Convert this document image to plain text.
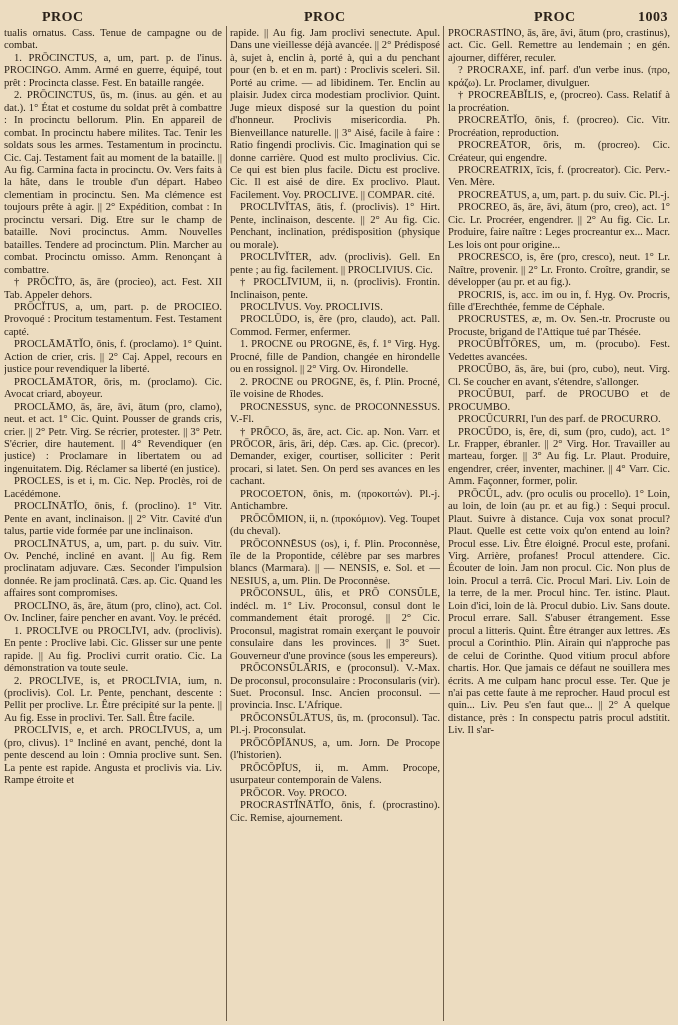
PROC	PROC	PROC	1003

tualis ornatus. Cass. Tenue de campagne ou de combat.

1. PRŌCINCTUS, a, um, part. p. de l'inus. PROCINGO. Amm. Armé en guerre, équipé, tout prêt : Procincta classe. Fest. En bataille rangée.

2. PRŌCINCTUS, ūs, m. (inus. au gén. et au dat.). 1° État et costume du soldat prêt à combattre : In procinctu bellorum. Plin. En appareil de combat. In procinctu habere milites. Tac. Tenir les soldats sous les armes. Testamentum in procinctu. Cic. Caj. Testament fait au moment de la bataille. || Au fig. Carmina facta in procinctu. Ov. Vers faits à la hâte, dans le trouble d'un départ. Habeo clementiam in procinctu. Sen. Ma clémence est toujours prête à agir. || 2° Expédition, combat : In procinctu versari. Dig. Etre sur le champ de bataille. Novi procinctus. Amm. Nouvelles batailles. Tendere ad procinctum. Plin. Marcher au combat. Procinctu omisso. Amm. Renonçant à combattre.

† PRŌCĬTO, ās, āre (procieo), act. Fest. XII Tab. Appeler dehors.

PRŌCĬTUS, a, um, part. p. de PROCIEO. Provoqué : Procitum testamentum. Fest. Testament capté.

PROCLĀMĀTĬO, ōnis, f. (proclamo). 1° Quint. Action de crier, cris. || 2° Caj. Appel, recours en justice pour revendiquer la liberté.

PROCLĀMĀTOR, ōris, m. (proclamo). Cic. Avocat criard, aboyeur.

PROCLĀMO, ās, āre, āvi, ātum (pro, clamo), neut. et act. 1° Cic. Quint. Pousser de grands cris, crier. || 2° Petr. Virg. Se récrier, protester. || 3° Petr. S'écrier, dire hautement. || 4° Revendiquer (en justice) : Proclamare in libertatem ou ad ingenuitatem. Dig. Réclamer sa liberté (en justice).

PROCLES, is et i, m. Cic. Nep. Proclès, roi de Lacédémone.

PROCLĪNĀTĬO, ōnis, f. (proclino). 1° Vitr. Pente en avant, inclinaison. || 2° Vitr. Cavité d'un talus, partie vide formée par une inclinaison.

PROCLĪNĀTUS, a, um, part. p. du suiv. Vitr. Ov. Penché, incliné en avant. || Au fig. Rem proclinatam adjuvare. Cæs. Seconder l'impulsion donnée. Re jam proclinatâ. Cæs. ap. Cic. Quand les affaires sont compromises.

PROCLĪNO, ās, āre, ātum (pro, clino), act. Col. Ov. Incliner, faire pencher en avant. Voy. le précéd.

1. PROCLĪVE ou PROCLĪVI, adv. (proclivis). En pente : Proclive labi. Cic. Glisser sur une pente rapide. || Au fig. Proclivi currit oratio. Cic. La démonstration va toute seule.

2. PROCLĪVE, is, et PROCLĪVIA, ium, n. (proclivis). Col. Lr. Pente, penchant, descente : Pellit per proclive. Lr. Être précipité sur la pente. || Au fig. Esse in proclivi. Ter. Sall. Être facile.

PROCLĪVIS, e, et arch. PROCLĪVUS, a, um (pro, clivus). 1° Incliné en avant, penché, dont la pente descend au loin : Omnia proclive sunt. Sen. La pente est rapide. Angusta et proclivis via. Liv. Rampe étroite et

rapide. || Au fig. Jam proclivi senectute. Apul. Dans une vieillesse déjà avancée. || 2° Prédisposé à, sujet à, enclin à, porté à, qui a du penchant pour (en b. et en m. part) : Proclivis sceleri. Sil. Porté au crime. — ad libidinem. Ter. Enclin au plaisir. Judex circa modestiam proclivior. Quint. Juge mieux disposé sur la question du point d'honneur. Proclivis misericordia. Ph. Bienveillance naturelle. || 3° Aisé, facile à faire : Ratio fingendi proclivis. Cic. Imagination qui se donne carrière. Quod est multo proclivius. Cic. Ce qui est bien plus facile. Dictu est proclive. Cic. Il est aisé de dire. Ex proclivo. Plaut. Facilement. Voy. PROCLIVE. || COMPAR. cité.

PROCLĪVĬTAS, ātis, f. (proclivis). 1° Hirt. Pente, inclinaison, descente. || 2° Au fig. Cic. Penchant, inclination, prédisposition (physique ou morale).

PROCLĪVĬTER, adv. (proclivis). Gell. En pente ; au fig. facilement. || PROCLIVIUS. Cic.

† PROCLĪVIUM, ii, n. (proclivis). Frontin. Inclinaison, pente.

PROCLĪVUS. Voy. PROCLIVIS.

PROCLŪDO, is, ĕre (pro, claudo), act. Pall. Commod. Fermer, enfermer.

1. PROCNE ou PROGNE, ēs, f. 1° Virg. Hyg. Procné, fille de Pandion, changée en hirondelle ou en rossignol. || 2° Virg. Ov. Hirondelle.

2. PROCNE ou PROGNE, ēs, f. Plin. Procné, île voisine de Rhodes.

PROCNESSUS, sync. de PROCONNESSUS. V.-Fl.

† PRŌCO, ās, āre, act. Cic. ap. Non. Varr. et PRŌCOR, āris, āri, dép. Cæs. ap. Cic. (precor). Demander, exiger, courtiser, solliciter : Perit procari, si latet. Sen. On perd ses avances en les cachant.

PROCOETON, ōnis, m. (προκοιτών). Pl.-j. Antichambre.

PRŌCŌMION, ii, n. (προκόμιον). Veg. Toupet (du cheval).

PRŌCONNĒSUS (os), i, f. Plin. Proconnèse, île de la Propontide, célèbre par ses marbres blancs (Marmara). || — NENSIS, e. Sol. et — NESIUS, a, um. Plin. De Proconnèse.

PRŌCONSUL, ŭlis, et PRŌ CONSŬLE, indécl. m. 1° Liv. Proconsul, consul dont le commandement était prorogé. || 2° Cic. Proconsul, magistrat romain exerçant le pouvoir consulaire dans les provinces. || 3° Suet. Gouverneur d'une province (sous les empereurs).

PRŌCONSŬLĀRIS, e (proconsul). V.-Max. De proconsul, proconsulaire : Proconsularis (vir). Suet. Proconsul. Insc. Ancien proconsul. — provincia. Insc. L'Afrique.

PRŌCONSŬLĀTUS, ūs, m. (proconsul). Tac. Pl.-j. Proconsulat.

PRŌCŎPĬĀNUS, a, um. Jorn. De Procope (l'historien).

PRŌCŎPĬUS, ii, m. Amm. Procope, usurpateur contemporain de Valens.

PRŌCOR. Voy. PROCO.

PROCRASTĬNĀTĬO, ōnis, f. (procrastino). Cic. Remise, ajournement.

PROCRASTĬNO, ās, āre, āvi, ātum (pro, crastinus), act. Cic. Gell. Remettre au lendemain ; en gén. ajourner, différer, reculer.

? PROCRAXE, inf. parf. d'un verbe inus. (προ, κράζω). Lr. Proclamer, divulguer.

† PROCREĀBĬLIS, e, (procreo). Cass. Relatif à la procréation.

PROCREĀTĬO, ōnis, f. (procreo). Cic. Vitr. Procréation, reproduction.

PROCREĀTOR, ōris, m. (procreo). Cic. Créateur, qui engendre.

PROCREATRIX, īcis, f. (procreator). Cic. Perv.-Ven. Mère.

PROCREĀTUS, a, um, part. p. du suiv. Cic. Pl.-j.

PROCREO, ās, āre, āvi, ātum (pro, creo), act. 1° Cic. Lr. Procréer, engendrer. || 2° Au fig. Cic. Lr. Produire, faire naître : Leges procreantur ex... Macr. Les lois ont pour origine...

PROCRESCO, is, ĕre (pro, cresco), neut. 1° Lr. Naître, provenir. || 2° Lr. Fronto. Croître, grandir, se développer (au pr. et au fig.).

PROCRIS, is, acc. im ou in, f. Hyg. Ov. Procris, fille d'Erechthée, femme de Céphale.

PROCRUSTES, æ, m. Ov. Sen.-tr. Procruste ou Procuste, brigand de l'Attique tué par Thésée.

PROCŬBĬTŌRES, um, m. (procubo). Fest. Vedettes avancées.

PROCŪBO, ās, āre, bui (pro, cubo), neut. Virg. Cl. Se coucher en avant, s'étendre, s'allonger.

PROCŬBUI, parf. de PROCUBO et de PROCUMBO.

PROCŪCURRI, l'un des parf. de PROCURRO.

PROCŪDO, is, ĕre, di, sum (pro, cudo), act. 1° Lr. Frapper, ébranler. || 2° Virg. Hor. Travailler au marteau, forger. || 3° Au fig. Lr. Plaut. Produire, engendrer, créer, inventer, machiner. || 4° Varr. Cic. Amm. Façonner, former, polir.

PRŌCŬL, adv. (pro oculis ou procello). 1° Loin, au loin, de loin (au pr. et au fig.) : Sequi procul. Plaut. Suivre à distance. Cuja vox sonat procul? Plaut. Quelle est cette voix qu'on entend au loin? Procul esse. Liv. Être éloigné. Procul este, profani. Virg. Arrière, profanes! Procul attendere. Cic. Écouter de loin. Jam non procul. Cic. Non plus de loin. Procul a terrâ. Cic. Procul Mari. Liv. Loin de la terre, de la mer. Procul hinc. Ter. istinc. Plaut. Loin d'ici, loin de là. Procul dubio. Liv. Sans doute. Procul errare. Sall. S'abuser étrangement. Esse procul a litteris. Quint. Être étranger aux lettres. Æs procul a Corinthio. Plin. Airain qui n'approche pas de celui de Corinthe. Quod vitium procul abfore chartis. Hor. Que jamais ce défaut ne souillera mes écrits. A me culpam hanc procul esse. Ter. Que je n'ai pas cette faute à me reprocher. Haud procul est quin... Liv. Peu s'en faut que... || 2° A quelque distance, près : In conspectu patris procul adstitit. Liv. Il s'ar-
